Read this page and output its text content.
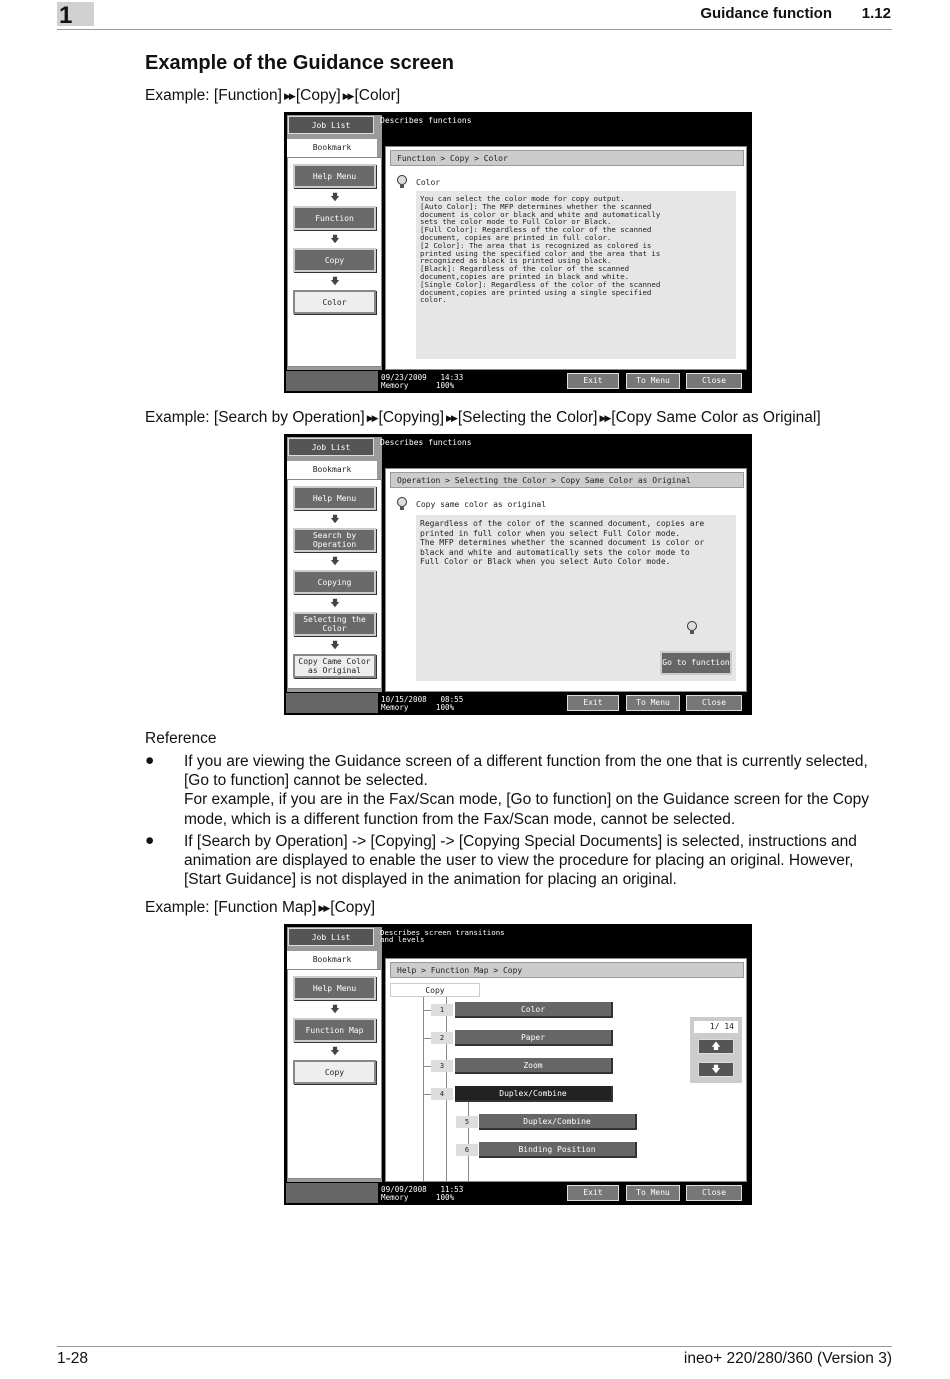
1	Guidance function 1.12
Example of the Guidance screen
Example: [Function] ▶▶ [Copy] ▶▶ [Color]
Job List
Bookmark
Help Menu
🡇
Function
🡇
Copy
🡇
Color
Describes functions
Function > Copy > Color
Color
You can select the color mode for copy output.
[Auto Color]: The MFP determines whether the scanned
document is color or black and white and automatically
sets the color mode to Full Color or Black.
[Full Color]: Regardless of the color of the scanned
document, copies are printed in full color.
[2 Color]: The area that is recognized as colored is
printed using the specified color and the area that is
recognized as black is printed using black.
[Black]: Regardless of the color of the scanned
document,copies are printed in black and white.
[Single Color]: Regardless of the color of the scanned
document,copies are printed using a single specified
color.
09/23/2009 14:33
Memory	100%
Exit	To Menu	Close
Example: [Search by Operation] ▶▶ [Copying] ▶▶ [Selecting the Color] ▶▶ [Copy Same Color as Original]
Job List
Bookmark
Help Menu
🡇
Search by
Operation
🡇
Copying
🡇
Selecting the
Color
🡇
Copy Came Color
as Original
Describes functions
Operation > Selecting the Color > Copy Same Color as Original
Copy same color as original
Regardless of the color of the scanned document, copies are
printed in full color when you select Full Color mode.
The MFP determines whether the scanned document is color or
black and white and automatically sets the color mode to
Full Color or Black when you select Auto Color mode.
Go to function
10/15/2008 08:55
Memory	100%
Exit	To Menu	Close
Reference
● If you are viewing the Guidance screen of a different function from the one that is currently selected, [Go to function] cannot be selected.
For example, if you are in the Fax/Scan mode, [Go to function] on the Guidance screen for the Copy mode, which is a different function from the Fax/Scan mode, cannot be selected.
● If [Search by Operation] -> [Copying] -> [Copying Special Documents] is selected, instructions and animation are displayed to enable the user to view the procedure for placing an original. However, [Start Guidance] is not displayed in the animation for placing an original.
Example: [Function Map] ▶▶ [Copy]
Job List
Bookmark
Help Menu
🡇
Function Map
🡇
Copy
Describes screen transitions
and levels
Help > Function Map > Copy
Copy
1	Color
2	Paper
3	Zoom
4	Duplex/Combine
5	Duplex/Combine
6	Binding Position
1/ 14
🡅
🡇
09/09/2008 11:53
Memory	100%
Exit	To Menu	Close
1-28	ineo+ 220/280/360 (Version 3)
